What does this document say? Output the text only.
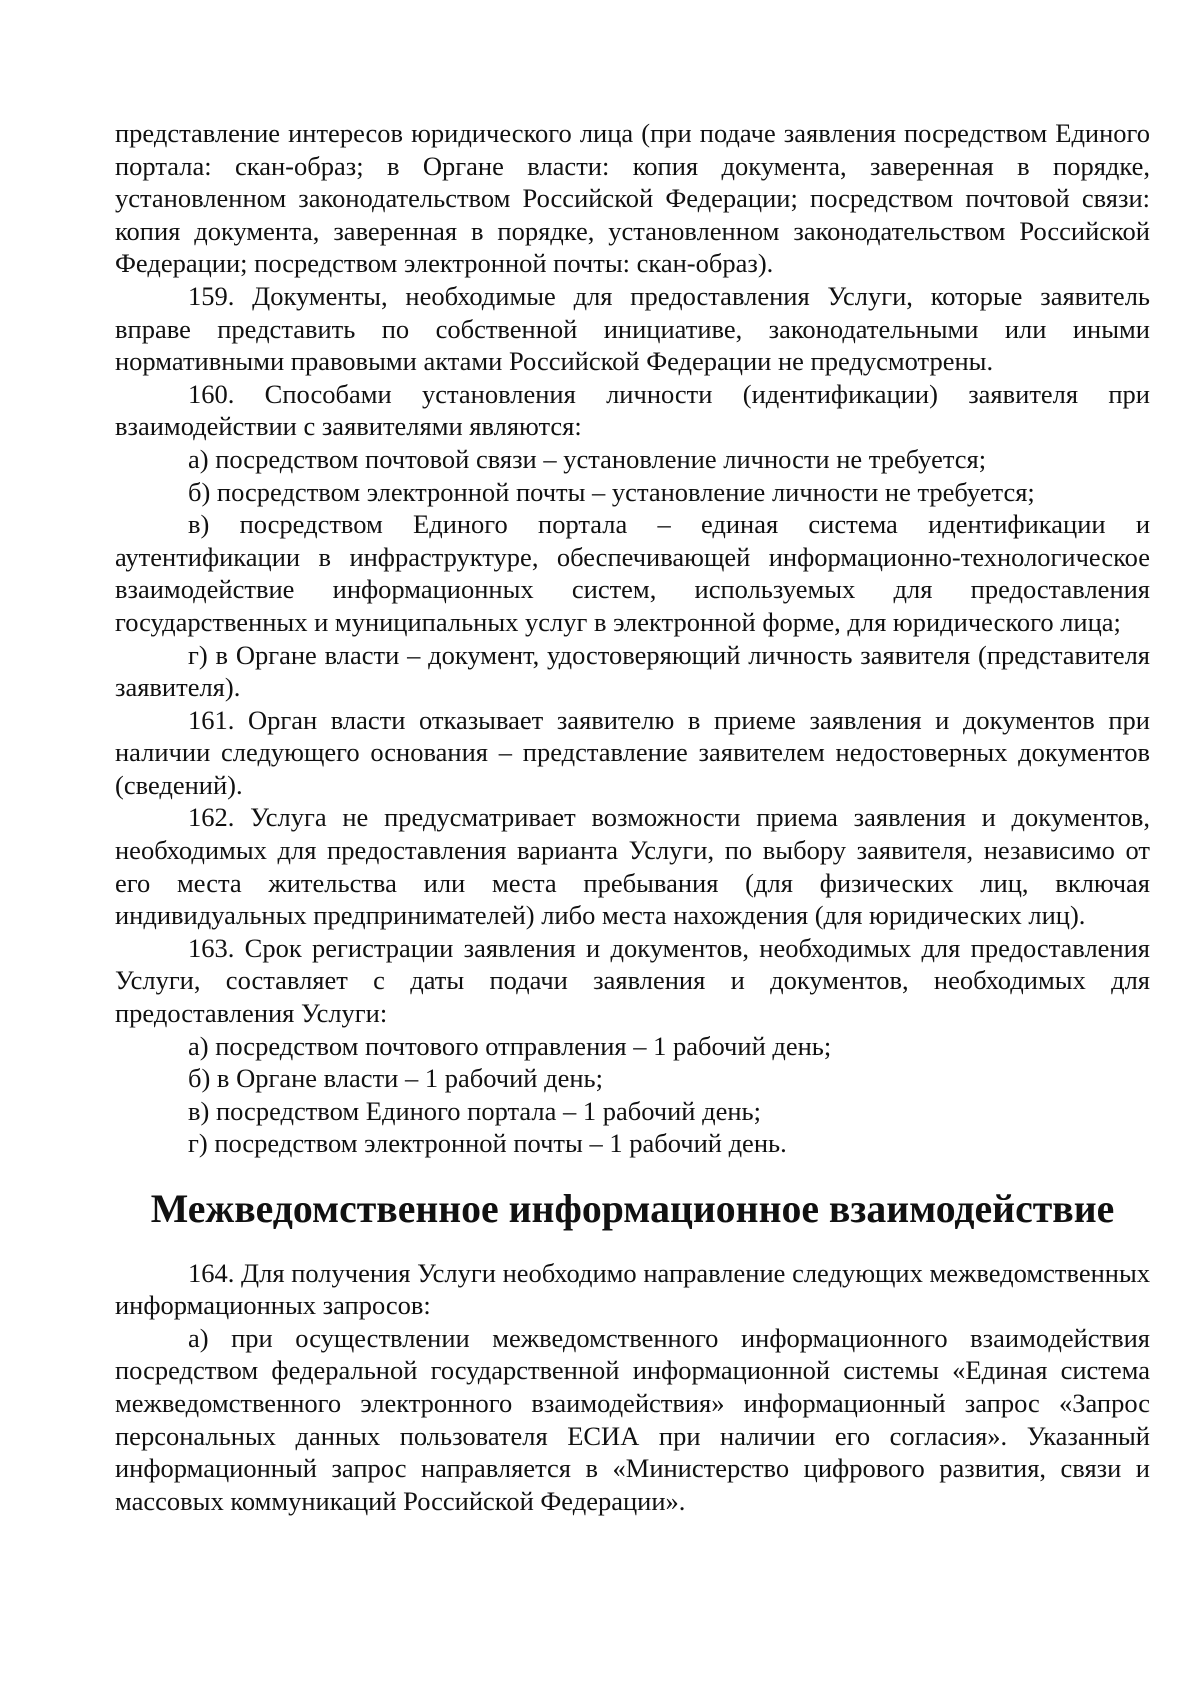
представление интересов юридического лица (при подаче заявления посредством Единого портала: скан-образ; в Органе власти: копия документа, заверенная в порядке, установленном законодательством Российской Федерации; посредством почтовой связи: копия документа, заверенная в порядке, установленном законодательством Российской Федерации; посредством электронной почты: скан-образ).

159. Документы, необходимые для предоставления Услуги, которые заявитель вправе представить по собственной инициативе, законодательными или иными нормативными правовыми актами Российской Федерации не предусмотрены.

160. Способами установления личности (идентификации) заявителя при взаимодействии с заявителями являются:

а) посредством почтовой связи – установление личности не требуется;

б) посредством электронной почты – установление личности не требуется;

в) посредством Единого портала – единая система идентификации и аутентификации в инфраструктуре, обеспечивающей информационно-технологическое взаимодействие информационных систем, используемых для предоставления государственных и муниципальных услуг в электронной форме, для юридического лица;

г) в Органе власти – документ, удостоверяющий личность заявителя (представителя заявителя).

161. Орган власти отказывает заявителю в приеме заявления и документов при наличии следующего основания – представление заявителем недостоверных документов (сведений).

162. Услуга не предусматривает возможности приема заявления и документов, необходимых для предоставления варианта Услуги, по выбору заявителя, независимо от его места жительства или места пребывания (для физических лиц, включая индивидуальных предпринимателей) либо места нахождения (для юридических лиц).

163. Срок регистрации заявления и документов, необходимых для предоставления Услуги, составляет с даты подачи заявления и документов, необходимых для предоставления Услуги:

а) посредством почтового отправления – 1 рабочий день;

б) в Органе власти – 1 рабочий день;

в) посредством Единого портала – 1 рабочий день;

г) посредством электронной почты – 1 рабочий день.

Межведомственное информационное взаимодействие

164. Для получения Услуги необходимо направление следующих межведомственных информационных запросов:

а) при осуществлении межведомственного информационного взаимодействия посредством федеральной государственной информационной системы «Единая система межведомственного электронного взаимодействия» информационный запрос «Запрос персональных данных пользователя ЕСИА при наличии его согласия». Указанный информационный запрос направляется в «Министерство цифрового развития, связи и массовых коммуникаций Российской Федерации».
